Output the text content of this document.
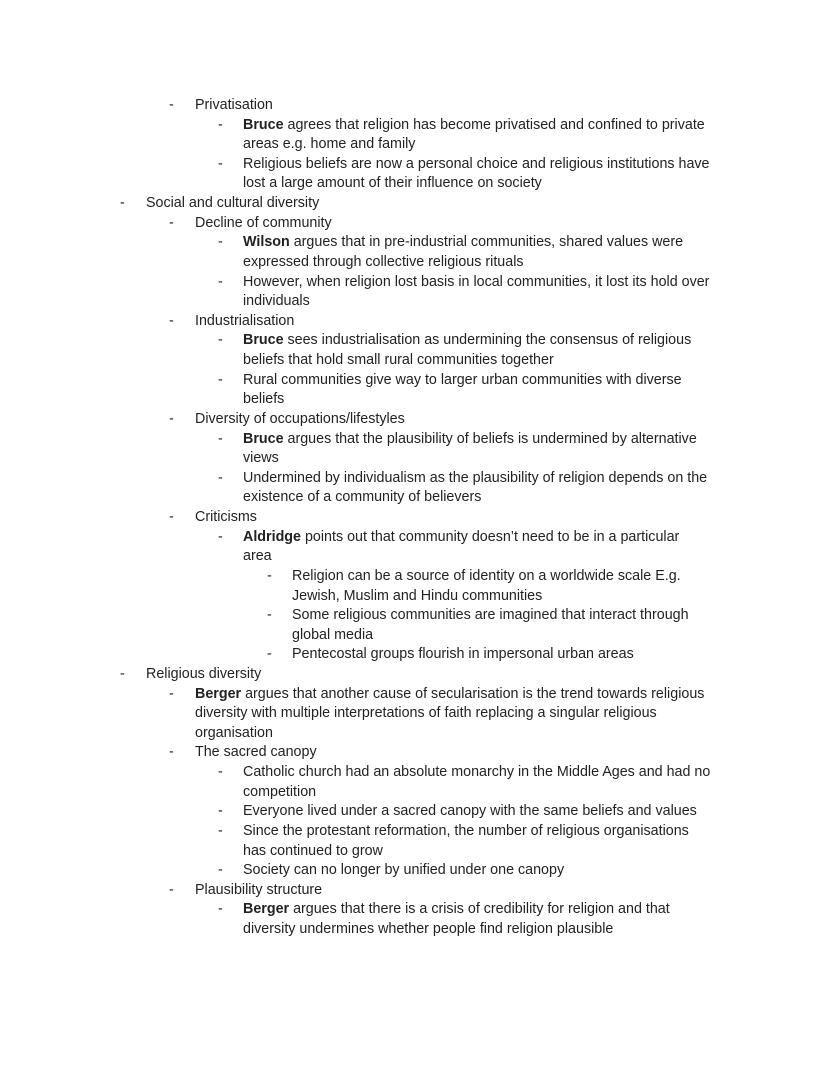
- Privatisation
- Bruce agrees that religion has become privatised and confined to private
areas e.g. home and family
- Religious beliefs are now a personal choice and religious institutions have
lost a large amount of their influence on society
- Social and cultural diversity
- Decline of community
- Wilson argues that in pre-industrial communities, shared values were
expressed through collective religious rituals
- However, when religion lost basis in local communities, it lost its hold over
individuals
- Industrialisation
- Bruce sees industrialisation as undermining the consensus of religious
beliefs that hold small rural communities together
- Rural communities give way to larger urban communities with diverse
beliefs
- Diversity of occupations/lifestyles
- Bruce argues that the plausibility of beliefs is undermined by alternative
views
- Undermined by individualism as the plausibility of religion depends on the
existence of a community of believers
- Criticisms
- Aldridge points out that community doesn’t need to be in a particular
area
- Religion can be a source of identity on a worldwide scale E.g.
Jewish, Muslim and Hindu communities
- Some religious communities are imagined that interact through
global media
- Pentecostal groups flourish in impersonal urban areas
- Religious diversity
- Berger argues that another cause of secularisation is the trend towards religious
diversity with multiple interpretations of faith replacing a singular religious
organisation
- The sacred canopy
- Catholic church had an absolute monarchy in the Middle Ages and had no
competition
- Everyone lived under a sacred canopy with the same beliefs and values
- Since the protestant reformation, the number of religious organisations
has continued to grow
- Society can no longer by unified under one canopy
- Plausibility structure
- Berger argues that there is a crisis of credibility for religion and that
diversity undermines whether people find religion plausible
